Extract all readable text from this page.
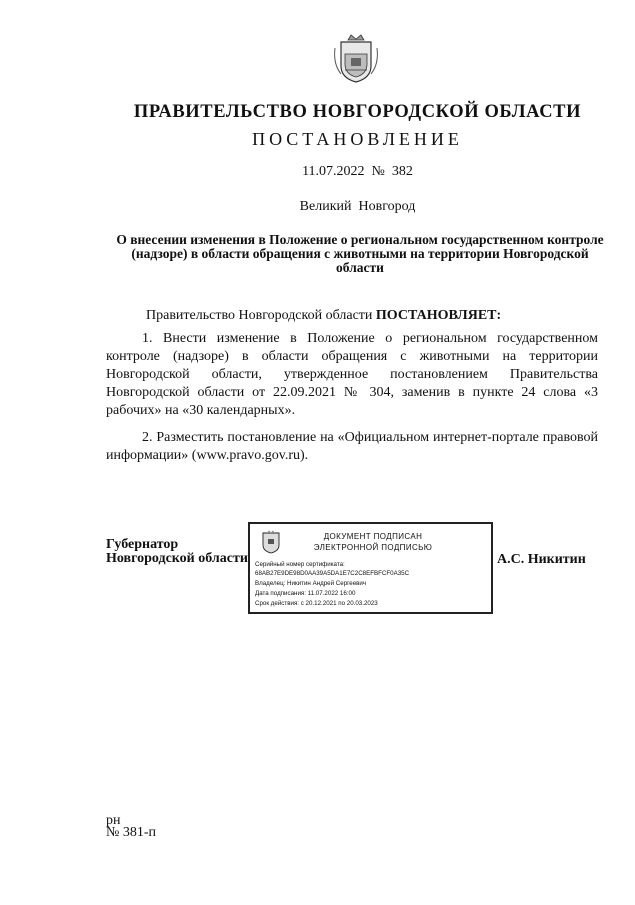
ПРАВИТЕЛЬСТВО НОВГОРОДСКОЙ ОБЛАСТИ
ПОСТАНОВЛЕНИЕ
11.07.2022  №  382
Великий  Новгород
О внесении изменения в Положение о региональном государственном контроле (надзоре) в области обращения с животными на территории Новгородской области
Правительство Новгородской области ПОСТАНОВЛЯЕТ:
1. Внести изменение в Положение о региональном государственном контроле (надзоре) в области обращения с животными на территории Новгородской области, утвержденное постановлением Правительства Новгородской области от 22.09.2021 № 304, заменив в пункте 24 слова «3 рабочих» на «30 календарных».
2. Разместить постановление на «Официальном интернет-портале правовой информации» (www.pravo.gov.ru).
Губернатор
Новгородской области
ДОКУМЕНТ ПОДПИСАН
ЭЛЕКТРОННОЙ ПОДПИСЬЮ
Серийный номер сертификата:
68AB27E9DE98D0AA39A5DA1E7C2C8EFBFCF0A35C
Владелец: Никитин Андрей Сергеевич
Дата подписания: 11.07.2022 16:00
Срок действия: с 20.12.2021 по 20.03.2023
А.С. Никитин
рн
№ 381-п
